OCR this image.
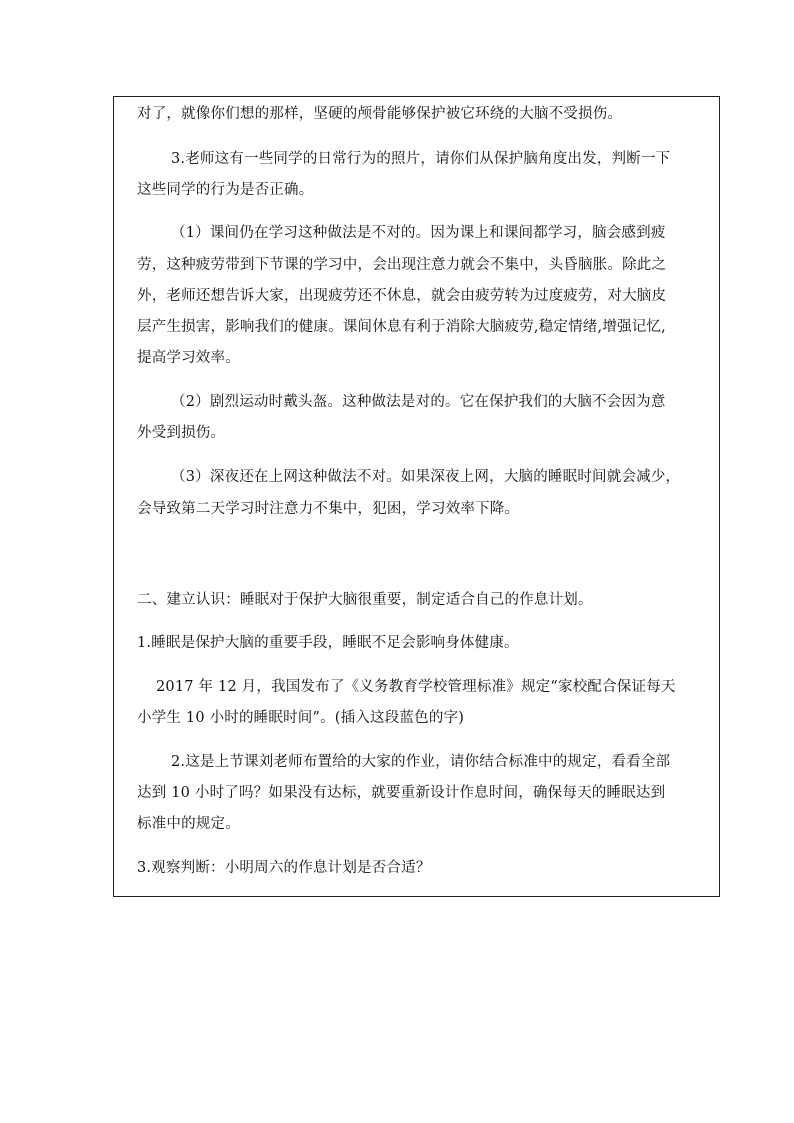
对了，就像你们想的那样，坚硬的颅骨能够保护被它环绕的大脑不受损伤。
3.老师这有一些同学的日常行为的照片，请你们从保护脑角度出发，判断一下
这些同学的行为是否正确。
（1）课间仍在学习这种做法是不对的。因为课上和课间都学习，脑会感到疲
劳，这种疲劳带到下节课的学习中，会出现注意力就会不集中，头昏脑胀。除此之
外，老师还想告诉大家，出现疲劳还不休息，就会由疲劳转为过度疲劳，对大脑皮
层产生损害，影响我们的健康。课间休息有利于消除大脑疲劳,稳定情绪,增强记忆,
提高学习效率。
（2）剧烈运动时戴头盔。这种做法是对的。它在保护我们的大脑不会因为意
外受到损伤。
（3）深夜还在上网这种做法不对。如果深夜上网，大脑的睡眠时间就会减少，
会导致第二天学习时注意力不集中，犯困，学习效率下降。
二、建立认识：睡眠对于保护大脑很重要，制定适合自己的作息计划。
1.睡眠是保护大脑的重要手段，睡眠不足会影响身体健康。
2017 年 12 月，我国发布了《义务教育学校管理标准》规定“家校配合保证每天
小学生 10 小时的睡眠时间”。(插入这段蓝色的字)
2.这是上节课刘老师布置给的大家的作业，请你结合标准中的规定，看看全部
达到 10 小时了吗？如果没有达标，就要重新设计作息时间，确保每天的睡眠达到
标准中的规定。
3.观察判断：小明周六的作息计划是否合适？
